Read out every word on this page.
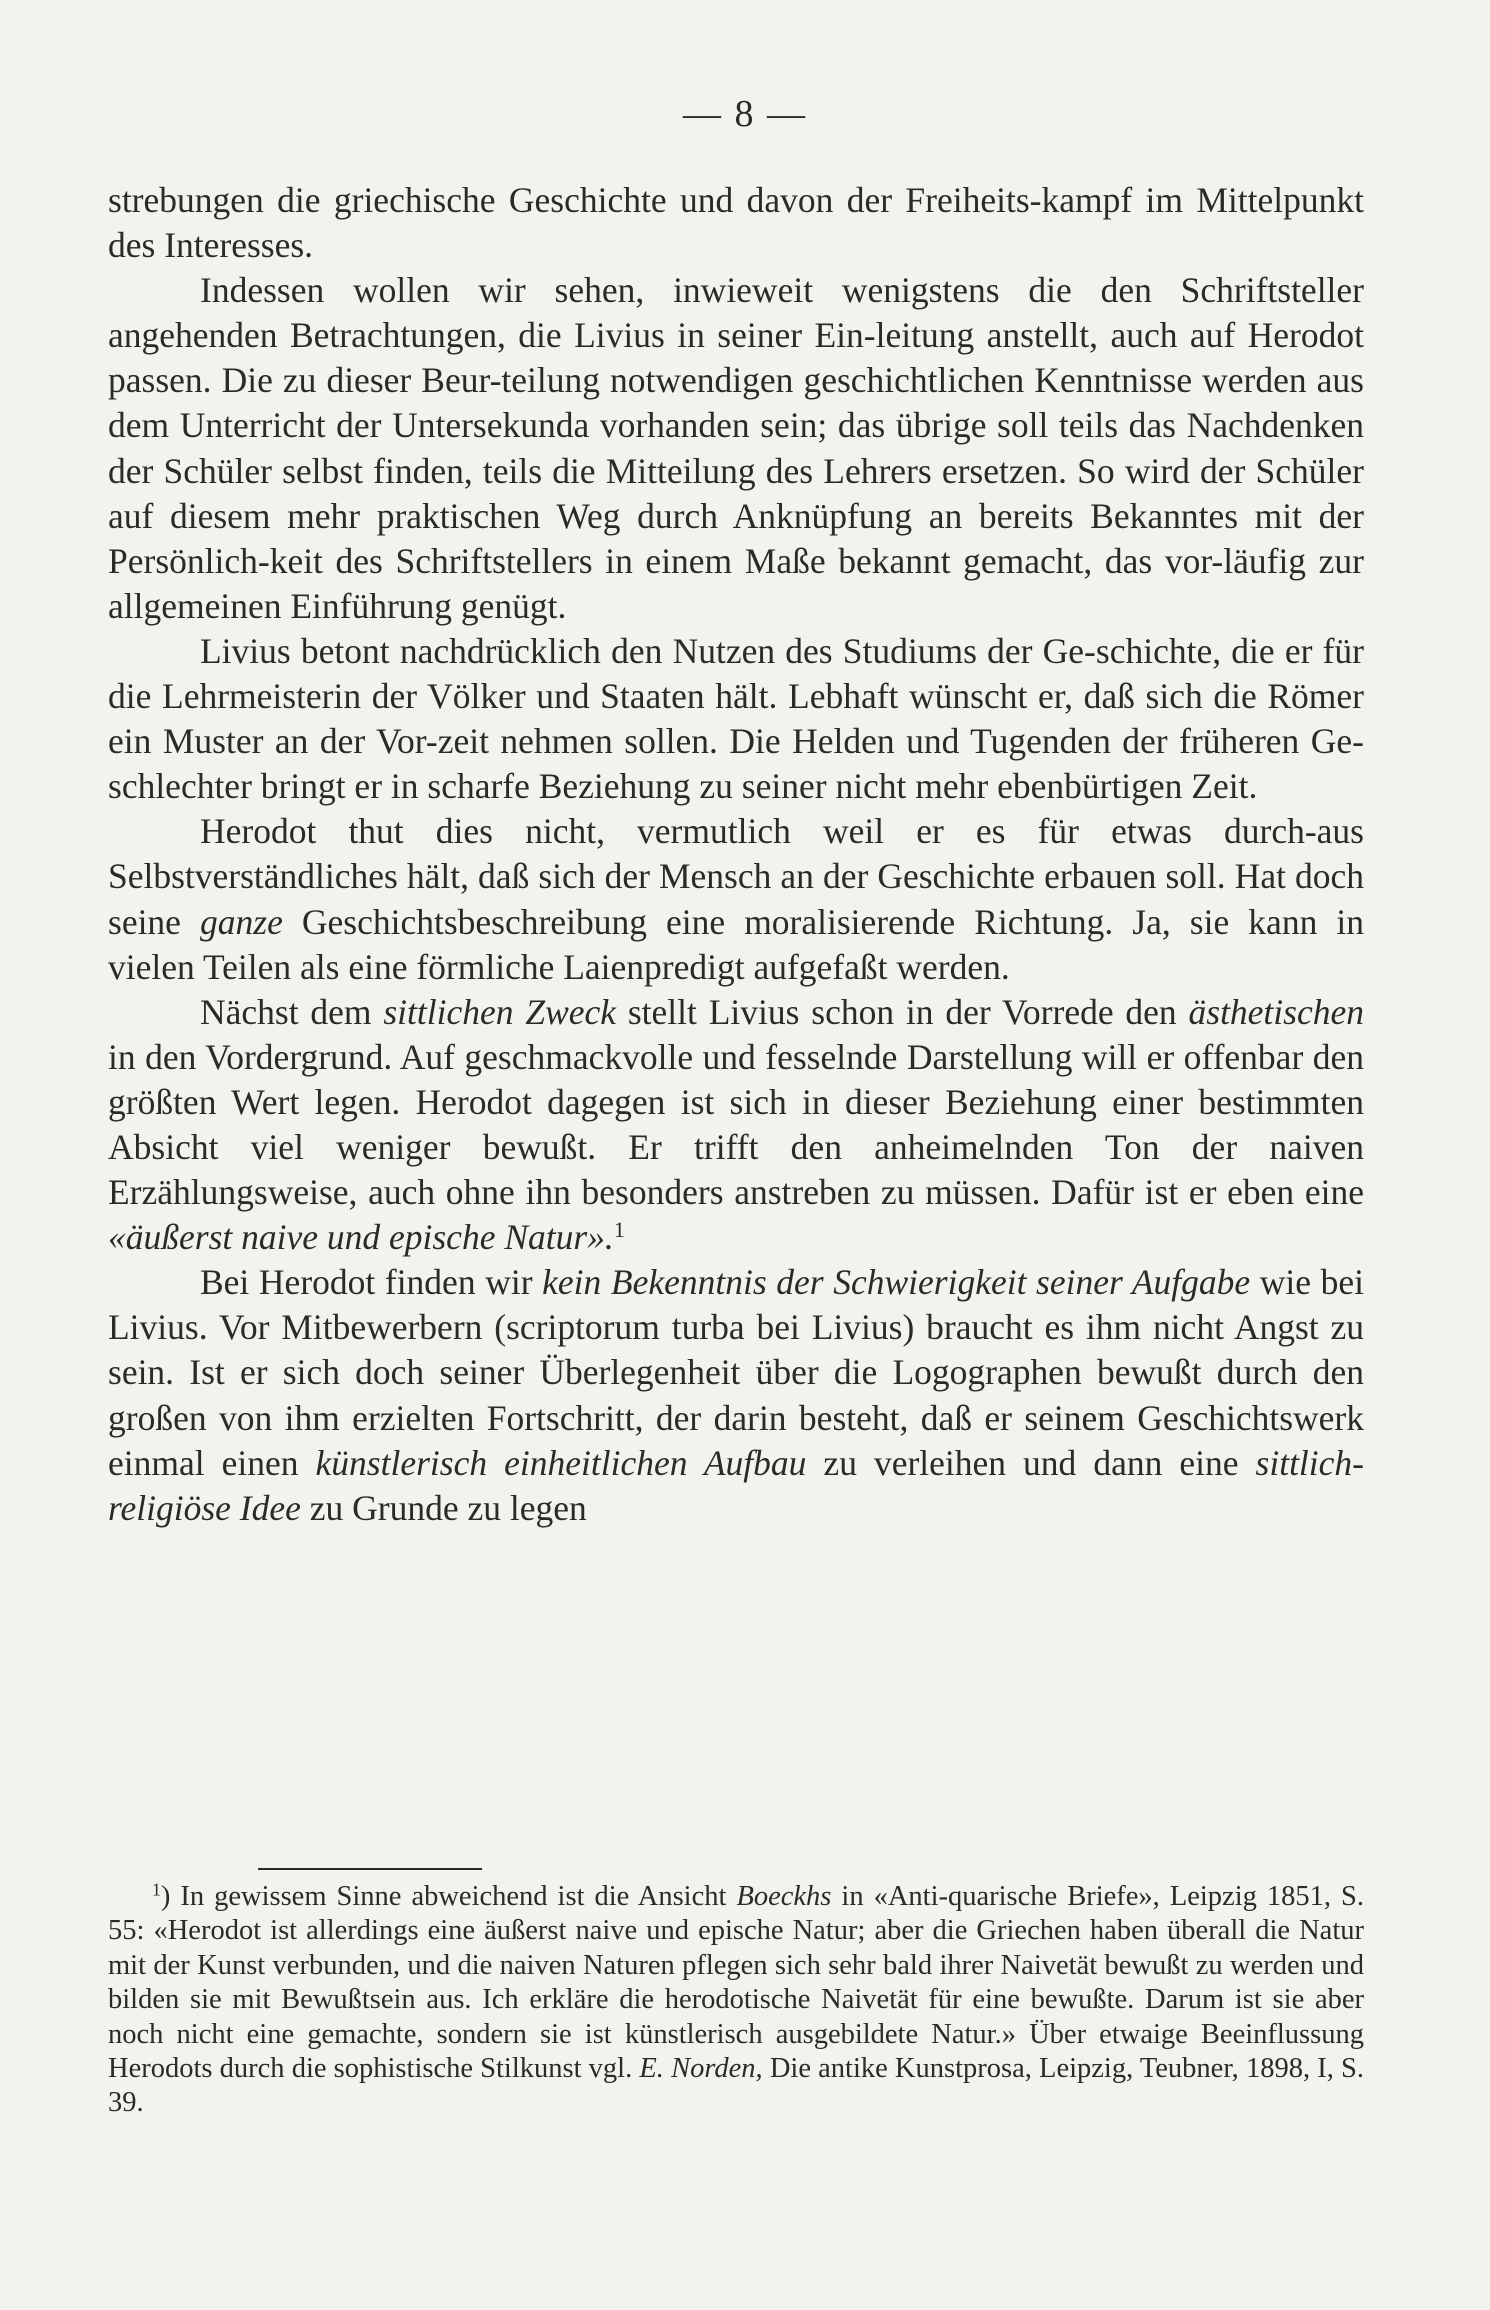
— 8 —

strebungen die griechische Geschichte und davon der Freiheits-kampf im Mittelpunkt des Interesses.

Indessen wollen wir sehen, inwieweit wenigstens die den Schriftsteller angehenden Betrachtungen, die Livius in seiner Ein-leitung anstellt, auch auf Herodot passen. Die zu dieser Beur-teilung notwendigen geschichtlichen Kenntnisse werden aus dem Unterricht der Untersekunda vorhanden sein; das übrige soll teils das Nachdenken der Schüler selbst finden, teils die Mitteilung des Lehrers ersetzen. So wird der Schüler auf diesem mehr praktischen Weg durch Anknüpfung an bereits Bekanntes mit der Persönlich-keit des Schriftstellers in einem Maße bekannt gemacht, das vor-läufig zur allgemeinen Einführung genügt.

Livius betont nachdrücklich den Nutzen des Studiums der Ge-schichte, die er für die Lehrmeisterin der Völker und Staaten hält. Lebhaft wünscht er, daß sich die Römer ein Muster an der Vor-zeit nehmen sollen. Die Helden und Tugenden der früheren Ge-schlechter bringt er in scharfe Beziehung zu seiner nicht mehr ebenbürtigen Zeit.

Herodot thut dies nicht, vermutlich weil er es für etwas durch-aus Selbstverständliches hält, daß sich der Mensch an der Geschichte erbauen soll. Hat doch seine ganze Geschichtsbeschreibung eine moralisierende Richtung. Ja, sie kann in vielen Teilen als eine förmliche Laienpredigt aufgefaßt werden.

Nächst dem sittlichen Zweck stellt Livius schon in der Vorrede den ästhetischen in den Vordergrund. Auf geschmackvolle und fesselnde Darstellung will er offenbar den größten Wert legen. Herodot dagegen ist sich in dieser Beziehung einer bestimmten Absicht viel weniger bewußt. Er trifft den anheimelnden Ton der naiven Erzählungsweise, auch ohne ihn besonders anstreben zu müssen. Dafür ist er eben eine «äußerst naive und epische Natur».$^1$

Bei Herodot finden wir kein Bekenntnis der Schwierigkeit seiner Aufgabe wie bei Livius. Vor Mitbewerbern (scriptorum turba bei Livius) braucht es ihm nicht Angst zu sein. Ist er sich doch seiner Überlegenheit über die Logographen bewußt durch den großen von ihm erzielten Fortschritt, der darin besteht, daß er seinem Geschichtswerk einmal einen künstlerisch einheitlichen Aufbau zu verleihen und dann eine sittlich-religiöse Idee zu Grunde zu legen

$^1$) In gewissem Sinne abweichend ist die Ansicht Boeckhs in «Anti-quarische Briefe», Leipzig 1851, S. 55: «Herodot ist allerdings eine äußerst naive und epische Natur; aber die Griechen haben überall die Natur mit der Kunst verbunden, und die naiven Naturen pflegen sich sehr bald ihrer Naivetät bewußt zu werden und bilden sie mit Bewußtsein aus. Ich erkläre die herodotische Naivetät für eine bewußte. Darum ist sie aber noch nicht eine gemachte, sondern sie ist künstlerisch ausgebildete Natur.» Über etwaige Beeinflussung Herodots durch die sophistische Stilkunst vgl. E. Norden, Die antike Kunstprosa, Leipzig, Teubner, 1898, I, S. 39.
